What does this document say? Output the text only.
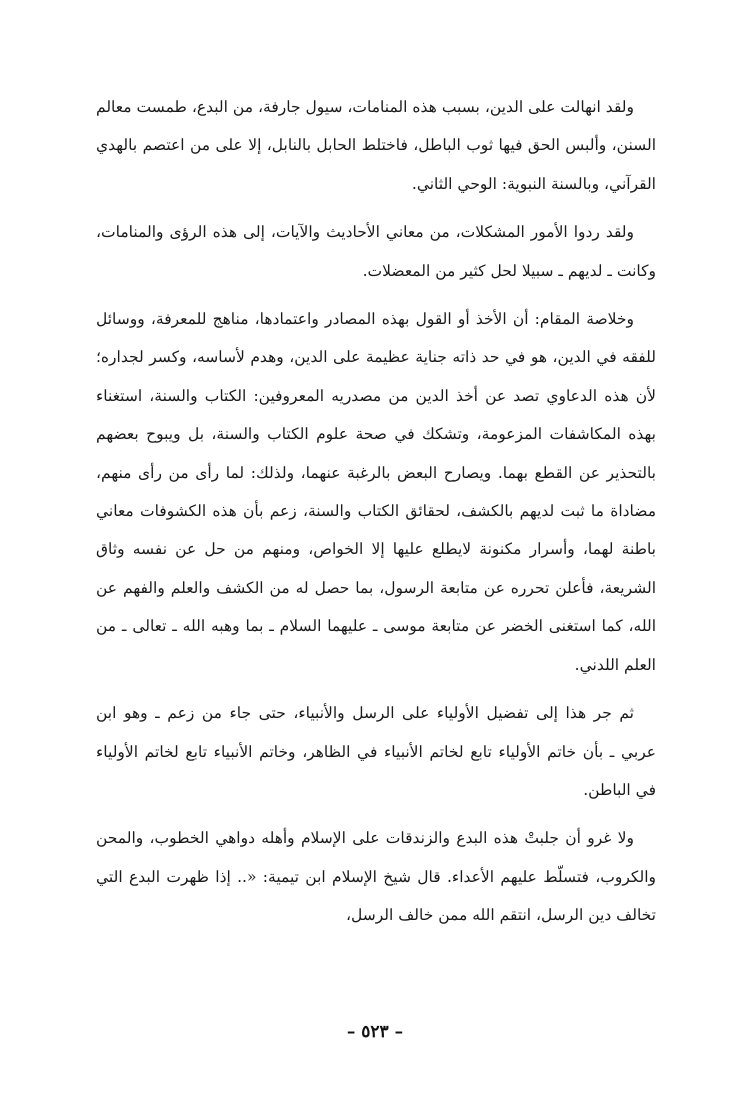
ولقد انهالت على الدين، بسبب هذه المنامات، سيول جارفة، من البدع، طمست معالم السنن، وألبس الحق فيها ثوب الباطل، فاختلط الحابل بالنابل، إلا على من اعتصم بالهدي القرآني، وبالسنة النبوية: الوحي الثاني.

ولقد ردوا الأمور المشكلات، من معاني الأحاديث والآيات، إلى هذه الرؤى والمنامات، وكانت ـ لديهم ـ سبيلا لحل كثير من المعضلات.

وخلاصة المقام: أن الأخذ أو القول بهذه المصادر واعتمادها، مناهج للمعرفة، ووسائل للفقه في الدين، هو في حد ذاته جناية عظيمة على الدين، وهدم لأساسه، وكسر لجداره؛ لأن هذه الدعاوي تصد عن أخذ الدين من مصدريه المعروفين: الكتاب والسنة، استغناء بهذه المكاشفات المزعومة، وتشكك في صحة علوم الكتاب والسنة، بل ويبوح بعضهم بالتحذير عن القطع بهما. ويصارح البعض بالرغبة عنهما، ولذلك: لما رأى من رأى منهم، مضاداة ما ثبت لديهم بالكشف، لحقائق الكتاب والسنة، زعم بأن هذه الكشوفات معاني باطنة لهما، وأسرار مكنونة لايطلع عليها إلا الخواص، ومنهم من حل عن نفسه وثاق الشريعة، فأعلن تحرره عن متابعة الرسول، بما حصل له من الكشف والعلم والفهم عن الله، كما استغنى الخضر عن متابعة موسى ـ عليهما السلام ـ بما وهبه الله ـ تعالى ـ من العلم اللدني.

ثم جر هذا إلى تفضيل الأولياء على الرسل والأنبياء، حتى جاء من زعم ـ وهو ابن عربي ـ بأن خاتم الأولياء تابع لخاتم الأنبياء في الظاهر، وخاتم الأنبياء تابع لخاتم الأولياء في الباطن.

ولا غرو أن جلبتْ هذه البدع والزندقات على الإسلام وأهله دواهي الخطوب، والمحن والكروب، فتسلّط عليهم الأعداء. قال شيخ الإسلام ابن تيمية: «.. إذا ظهرت البدع التي تخالف دين الرسل، انتقم الله ممن خالف الرسل،

– ٥٢٣ –
